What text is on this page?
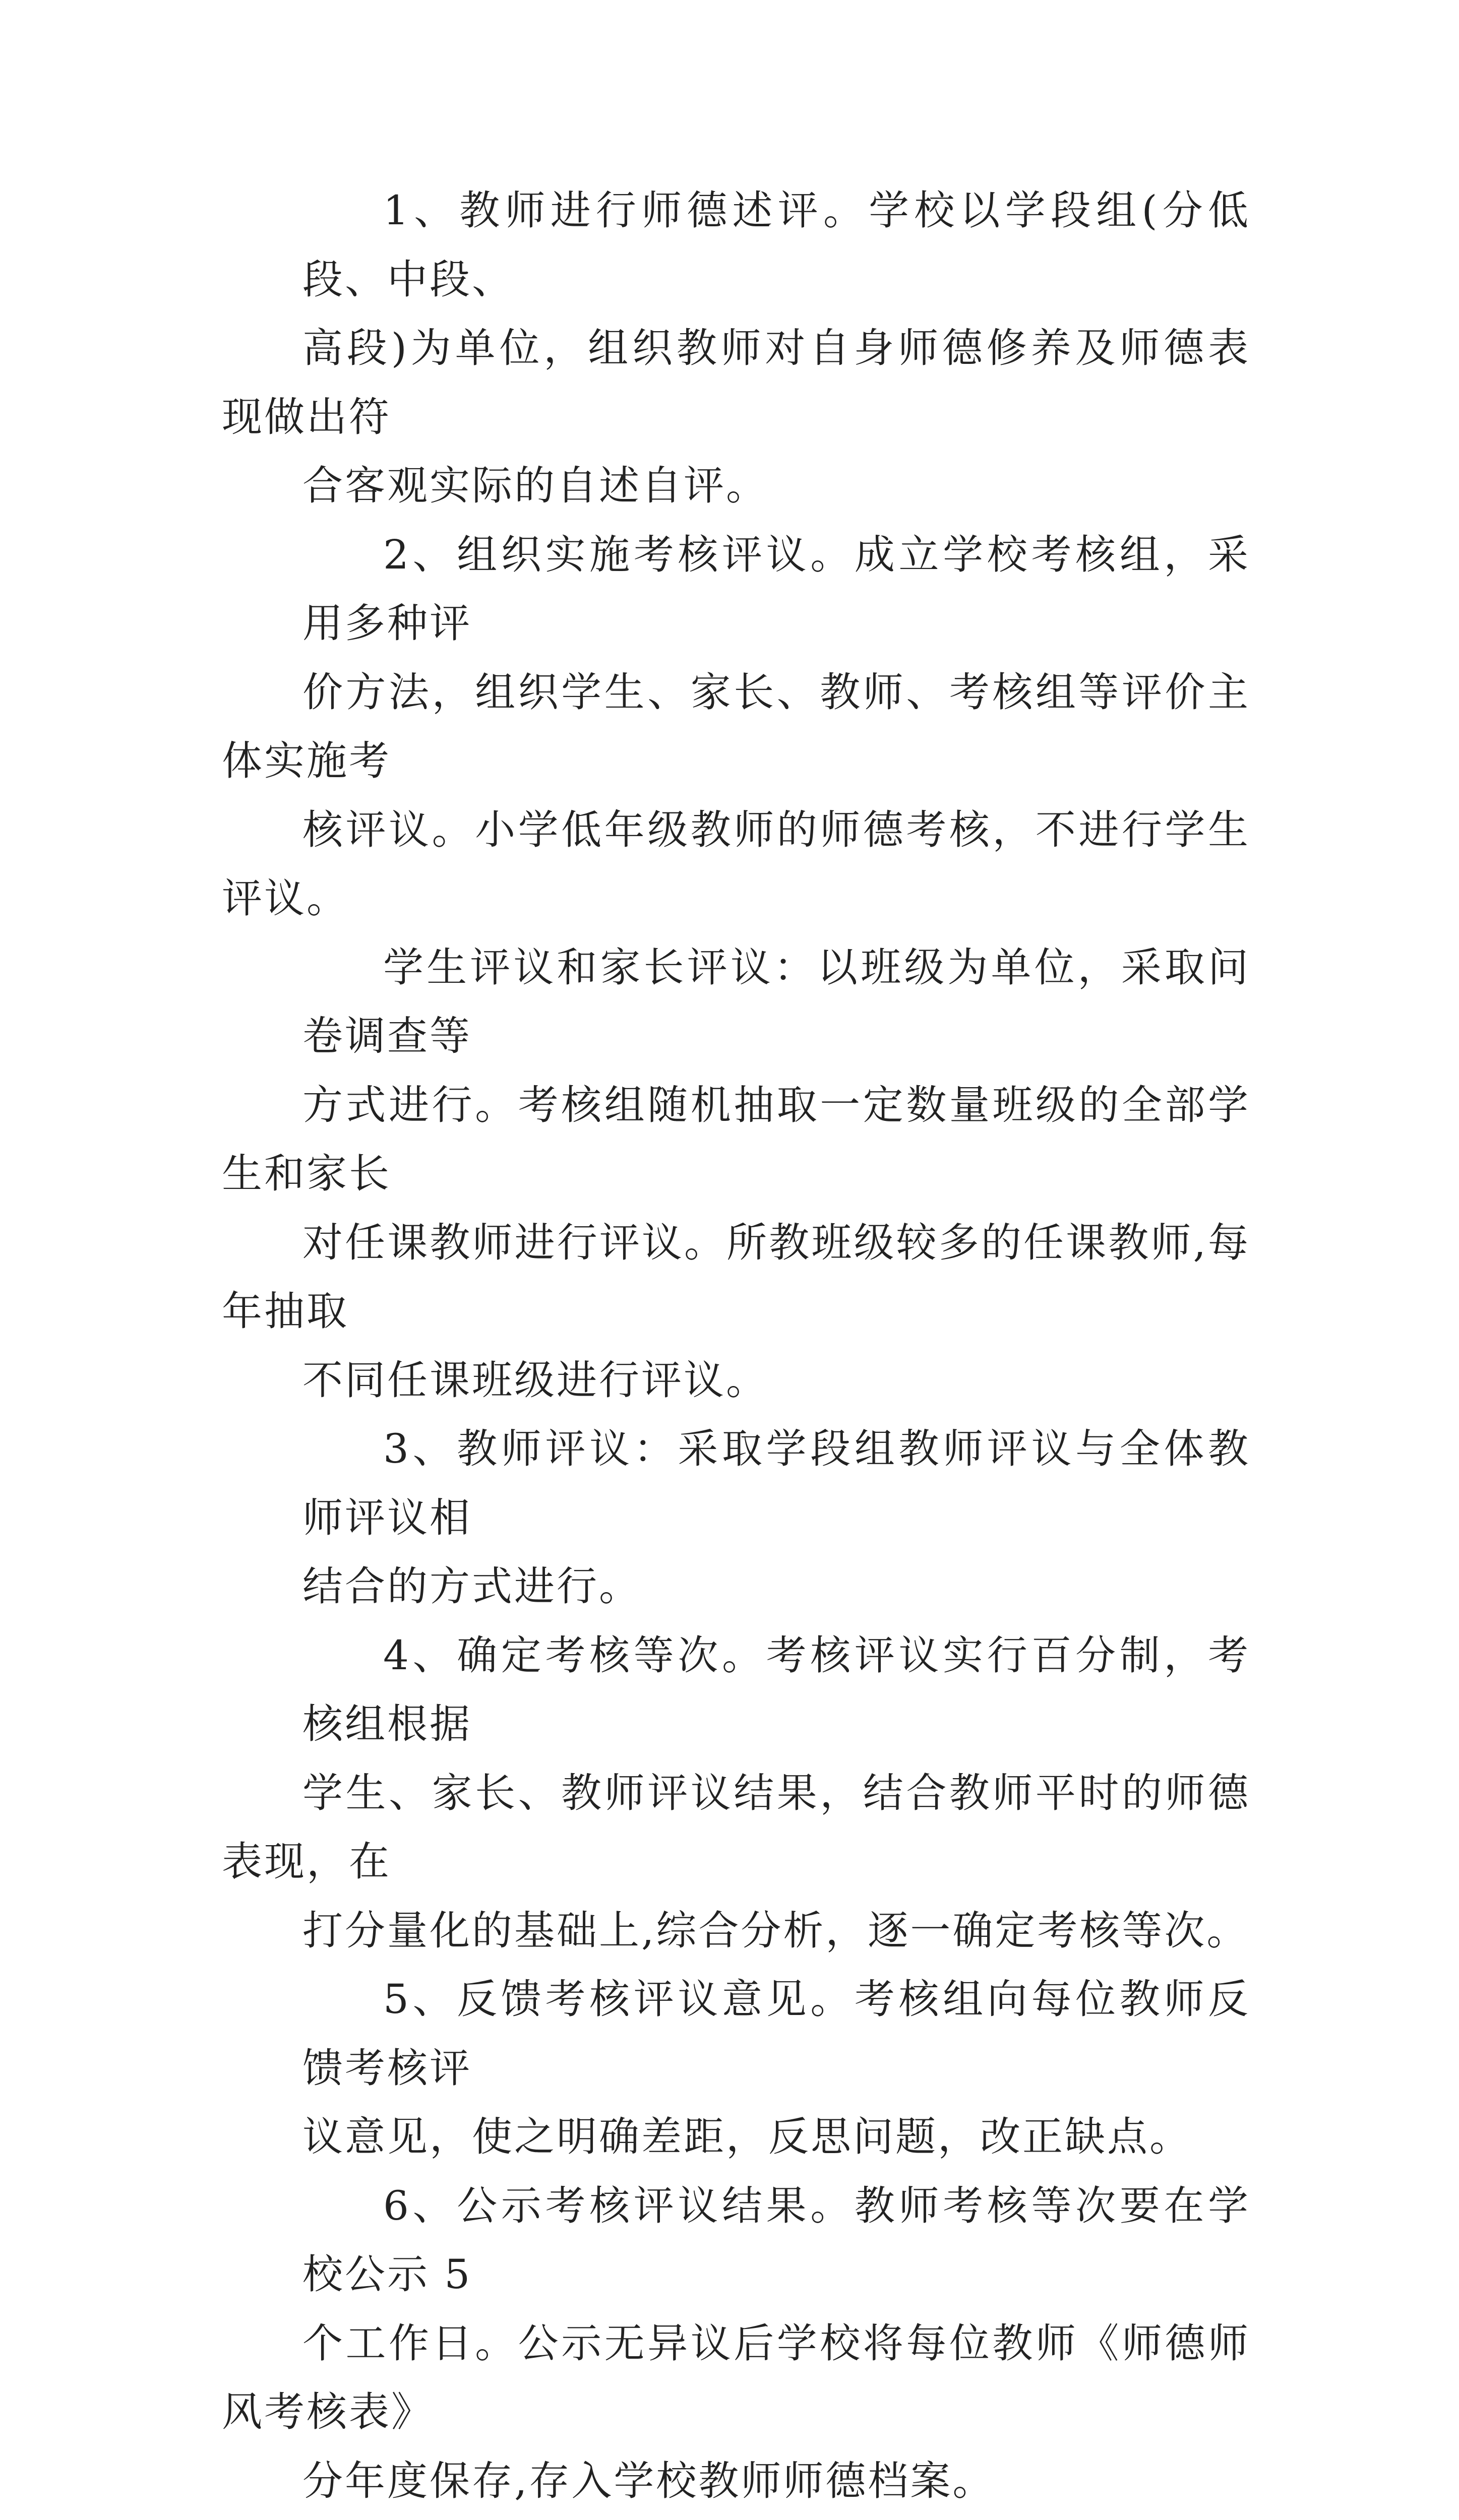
1、教师进行师德述评。学校以学段组(分低段、中段、
高段)为单位，组织教师对自身师德修养及师德表现做出符
合客观实际的自述自评。

2、组织实施考核评议。成立学校考核组，采用多种评
价方法，组织学生、家长、教师、考核组等评价主体实施考
核评议。小学低年级教师的师德考核，不进行学生评议。

学生评议和家长评议：以班级为单位，采取问卷调查等
方式进行。考核组随机抽取一定数量班级的全部学生和家长
对任课教师进行评议。所教班级较多的任课教师,每年抽取
不同任课班级进行评议。

3、教师评议：采取学段组教师评议与全体教师评议相
结合的方式进行。

4、确定考核等次。考核评议实行百分制，考核组根据
学生、家长、教师评议结果，结合教师平时的师德表现，在
打分量化的基础上,综合分析，逐一确定考核等次。

5、反馈考核评议意见。考核组向每位教师反馈考核评
议意见，使之明确差距，反思问题，改正缺点。

6、公示考核评议结果。教师考核等次要在学校公示 5
个工作日。公示无异议后学校将每位教师《师德师风考核表》
分年度保存,存入学校教师师德档案。
